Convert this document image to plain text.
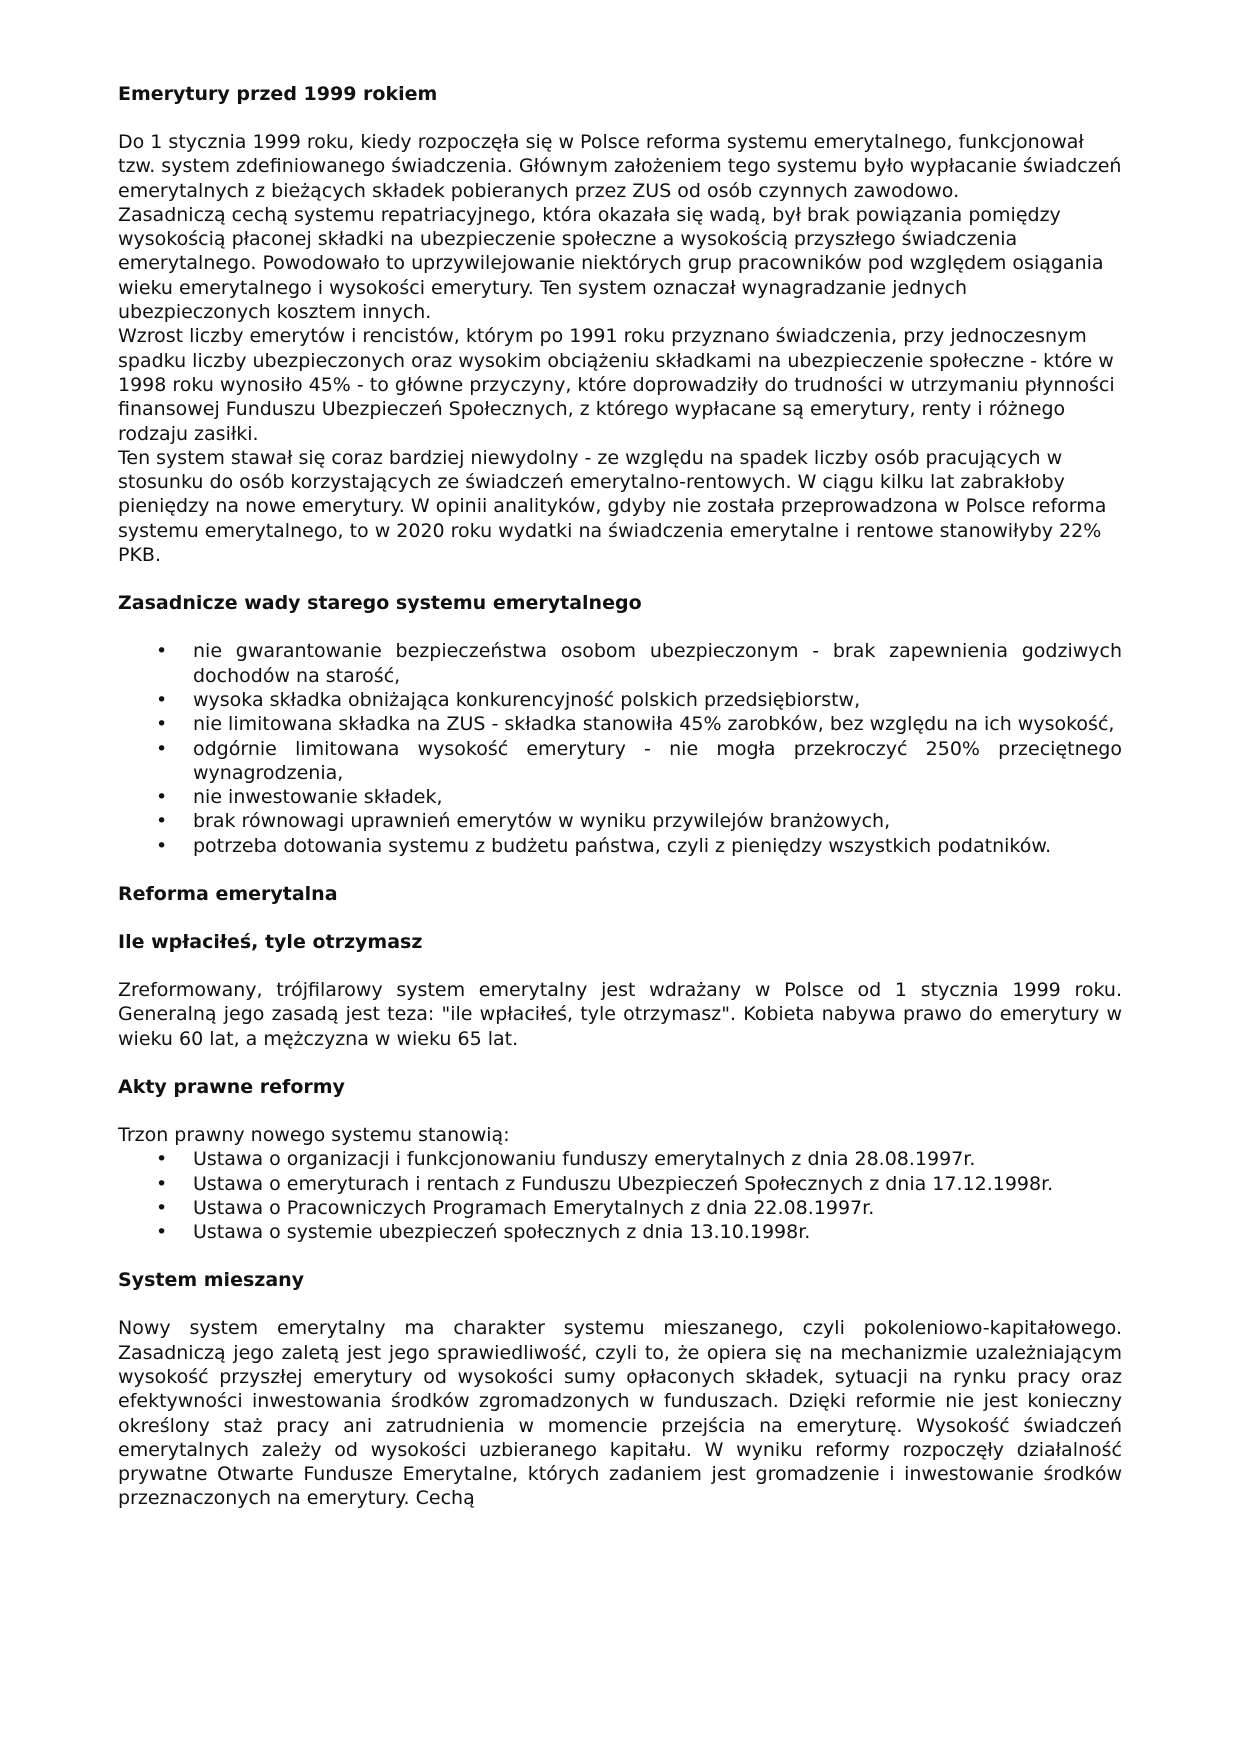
Emerytury przed 1999 rokiem

Do 1 stycznia 1999 roku, kiedy rozpoczęła się w Polsce reforma systemu emerytalnego, funkcjonował tzw. system zdefiniowanego świadczenia. Głównym założeniem tego systemu było wypłacanie świadczeń emerytalnych z bieżących składek pobieranych przez ZUS od osób czynnych zawodowo.

Zasadniczą cechą systemu repatriacyjnego, która okazała się wadą, był brak powiązania pomiędzy wysokością płaconej składki na ubezpieczenie społeczne a wysokością przyszłego świadczenia emerytalnego. Powodowało to uprzywilejowanie niektórych grup pracowników pod względem osiągania wieku emerytalnego i wysokości emerytury. Ten system oznaczał wynagradzanie jednych ubezpieczonych kosztem innych.

Wzrost liczby emerytów i rencistów, którym po 1991 roku przyznano świadczenia, przy jednoczesnym spadku liczby ubezpieczonych oraz wysokim obciążeniu składkami na ubezpieczenie społeczne - które w 1998 roku wynosiło 45% - to główne przyczyny, które doprowadziły do trudności w utrzymaniu płynności finansowej Funduszu Ubezpieczeń Społecznych, z którego wypłacane są emerytury, renty i różnego rodzaju zasiłki.

Ten system stawał się coraz bardziej niewydolny - ze względu na spadek liczby osób pracujących w stosunku do osób korzystających ze świadczeń emerytalno-rentowych. W ciągu kilku lat zabrakłoby pieniędzy na nowe emerytury. W opinii analityków, gdyby nie została przeprowadzona w Polsce reforma systemu emerytalnego, to w 2020 roku wydatki na świadczenia emerytalne i rentowe stanowiłyby 22% PKB.

Zasadnicze wady starego systemu emerytalnego
• nie gwarantowanie bezpieczeństwa osobom ubezpieczonym - brak zapewnienia godziwych dochodów na starość,
• wysoka składka obniżająca konkurencyjność polskich przedsiębiorstw,
• nie limitowana składka na ZUS - składka stanowiła 45% zarobków, bez względu na ich wysokość,
• odgórnie limitowana wysokość emerytury - nie mogła przekroczyć 250% przeciętnego wynagrodzenia,
• nie inwestowanie składek,
• brak równowagi uprawnień emerytów w wyniku przywilejów branżowych,
• potrzeba dotowania systemu z budżetu państwa, czyli z pieniędzy wszystkich podatników.
Reforma emerytalna
Ile wpłaciłeś, tyle otrzymasz

Zreformowany, trójfilarowy system emerytalny jest wdrażany w Polsce od 1 stycznia 1999 roku. Generalną jego zasadą jest teza: "ile wpłaciłeś, tyle otrzymasz". Kobieta nabywa prawo do emerytury w wieku 60 lat, a mężczyzna w wieku 65 lat.

Akty prawne reformy

Trzon prawny nowego systemu stanowią:

• Ustawa o organizacji i funkcjonowaniu funduszy emerytalnych z dnia 28.08.1997r.
• Ustawa o emeryturach i rentach z Funduszu Ubezpieczeń Społecznych z dnia 17.12.1998r.
• Ustawa o Pracowniczych Programach Emerytalnych z dnia 22.08.1997r.
• Ustawa o systemie ubezpieczeń społecznych z dnia 13.10.1998r.
System mieszany

Nowy system emerytalny ma charakter systemu mieszanego, czyli pokoleniowo-kapitałowego. Zasadniczą jego zaletą jest jego sprawiedliwość, czyli to, że opiera się na mechanizmie uzależniającym wysokość przyszłej emerytury od wysokości sumy opłaconych składek, sytuacji na rynku pracy oraz efektywności inwestowania środków zgromadzonych w funduszach. Dzięki reformie nie jest konieczny określony staż pracy ani zatrudnienia w momencie przejścia na emeryturę. Wysokość świadczeń emerytalnych zależy od wysokości uzbieranego kapitału. W wyniku reformy rozpoczęły działalność prywatne Otwarte Fundusze Emerytalne, których zadaniem jest gromadzenie i inwestowanie środków przeznaczonych na emerytury. Cechą
